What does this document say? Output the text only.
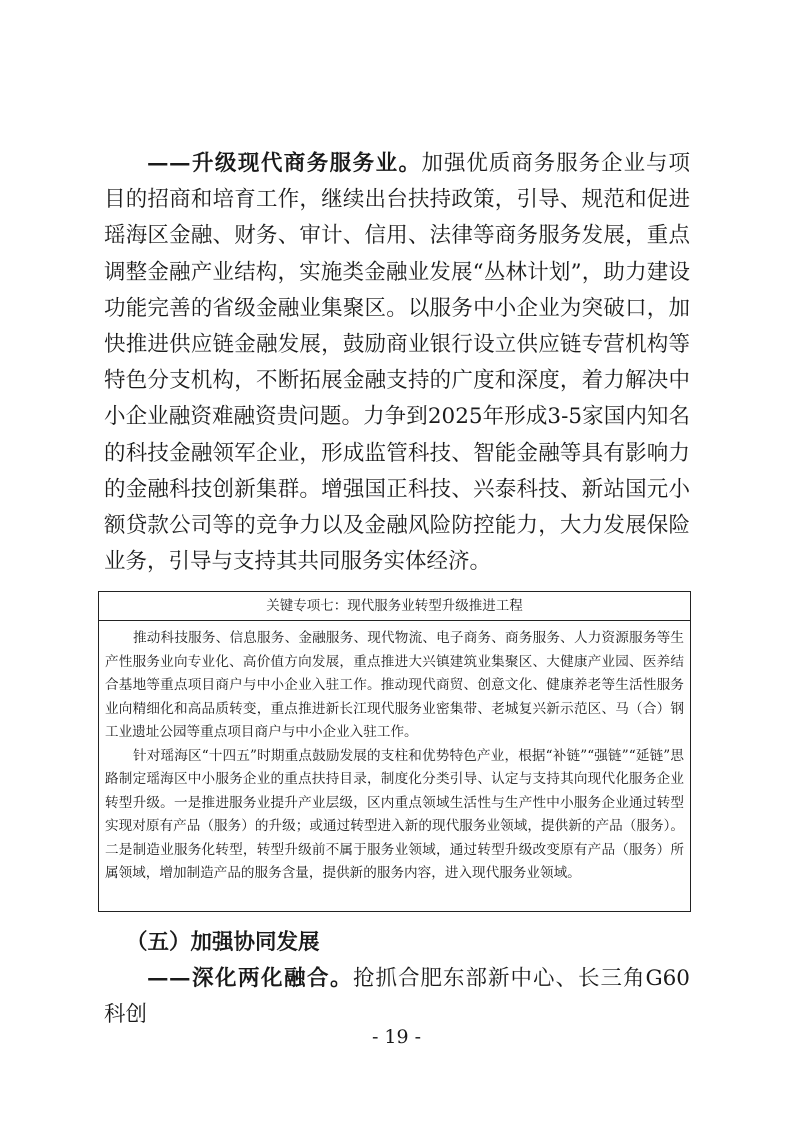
——升级现代商务服务业。加强优质商务服务企业与项目的招商和培育工作，继续出台扶持政策，引导、规范和促进瑶海区金融、财务、审计、信用、法律等商务服务发展，重点调整金融产业结构，实施类金融业发展“丛林计划”，助力建设功能完善的省级金融业集聚区。以服务中小企业为突破口，加快推进供应链金融发展，鼓励商业银行设立供应链专营机构等特色分支机构，不断拓展金融支持的广度和深度，着力解决中小企业融资难融资贵问题。力争到2025年形成3-5家国内知名的科技金融领军企业，形成监管科技、智能金融等具有影响力的金融科技创新集群。增强国正科技、兴泰科技、新站国元小额贷款公司等的竞争力以及金融风险防控能力，大力发展保险业务，引导与支持其共同服务实体经济。
关键专项七：现代服务业转型升级推进工程

推动科技服务、信息服务、金融服务、现代物流、电子商务、商务服务、人力资源服务等生产性服务业向专业化、高价值方向发展，重点推进大兴镇建筑业集聚区、大健康产业园、医养结合基地等重点项目商户与中小企业入驻工作。推动现代商贸、创意文化、健康养老等生活性服务业向精细化和高品质转变，重点推进新长江现代服务业密集带、老城复兴新示范区、马（合）钢工业遗址公园等重点项目商户与中小企业入驻工作。

针对瑶海区“十四五”时期重点鼓励发展的支柱和优势特色产业，根据“补链”“强链”“延链”思路制定瑶海区中小服务企业的重点扶持目录，制度化分类引导、认定与支持其向现代化服务企业转型升级。一是推进服务业提升产业层级，区内重点领域生活性与生产性中小服务企业通过转型实现对原有产品（服务）的升级；或通过转型进入新的现代服务业领域，提供新的产品（服务）。二是制造业服务化转型，转型升级前不属于服务业领域，通过转型升级改变原有产品（服务）所属领域，增加制造产品的服务含量，提供新的服务内容，进入现代服务业领域。

（五）加强协同发展
——深化两化融合。抢抓合肥东部新中心、长三角G60科创
- 19 -
